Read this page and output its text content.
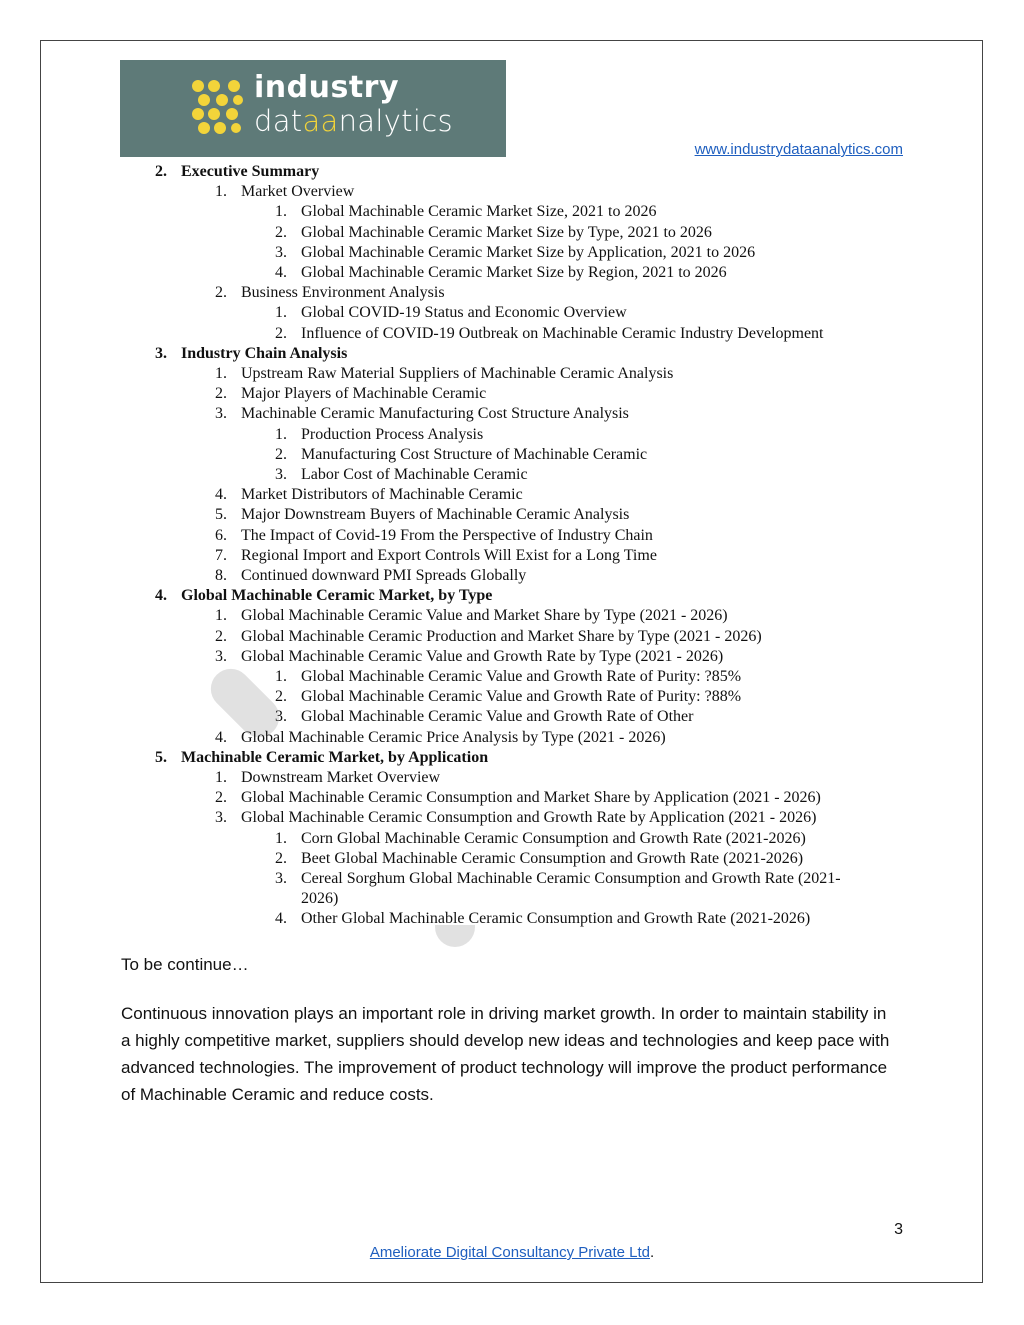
industry
dataanalytics
www.industrydataanalytics.com
2. Executive Summary
1. Market Overview
1. Global Machinable Ceramic Market Size, 2021 to 2026
2. Global Machinable Ceramic Market Size by Type, 2021 to 2026
3. Global Machinable Ceramic Market Size by Application, 2021 to 2026
4. Global Machinable Ceramic Market Size by Region, 2021 to 2026
2. Business Environment Analysis
1. Global COVID-19 Status and Economic Overview
2. Influence of COVID-19 Outbreak on Machinable Ceramic Industry Development
3. Industry Chain Analysis
1. Upstream Raw Material Suppliers of Machinable Ceramic Analysis
2. Major Players of Machinable Ceramic
3. Machinable Ceramic Manufacturing Cost Structure Analysis
1. Production Process Analysis
2. Manufacturing Cost Structure of Machinable Ceramic
3. Labor Cost of Machinable Ceramic
4. Market Distributors of Machinable Ceramic
5. Major Downstream Buyers of Machinable Ceramic Analysis
6. The Impact of Covid-19 From the Perspective of Industry Chain
7. Regional Import and Export Controls Will Exist for a Long Time
8. Continued downward PMI Spreads Globally
4. Global Machinable Ceramic Market, by Type
1. Global Machinable Ceramic Value and Market Share by Type (2021 - 2026)
2. Global Machinable Ceramic Production and Market Share by Type (2021 - 2026)
3. Global Machinable Ceramic Value and Growth Rate by Type (2021 - 2026)
1. Global Machinable Ceramic Value and Growth Rate of Purity: ?85%
2. Global Machinable Ceramic Value and Growth Rate of Purity: ?88%
3. Global Machinable Ceramic Value and Growth Rate of Other
4. Global Machinable Ceramic Price Analysis by Type (2021 - 2026)
5. Machinable Ceramic Market, by Application
1. Downstream Market Overview
2. Global Machinable Ceramic Consumption and Market Share by Application (2021 - 2026)
3. Global Machinable Ceramic Consumption and Growth Rate by Application (2021 - 2026)
1. Corn Global Machinable Ceramic Consumption and Growth Rate (2021-2026)
2. Beet Global Machinable Ceramic Consumption and Growth Rate (2021-2026)
3. Cereal Sorghum Global Machinable Ceramic Consumption and Growth Rate (2021-
2026)
4. Other Global Machinable Ceramic Consumption and Growth Rate (2021-2026)
To be continue…
Continuous innovation plays an important role in driving market growth. In order to maintain stability in a highly competitive market, suppliers should develop new ideas and technologies and keep pace with advanced technologies. The improvement of product technology will improve the product performance of Machinable Ceramic and reduce costs.
3
Ameliorate Digital Consultancy Private Ltd.
